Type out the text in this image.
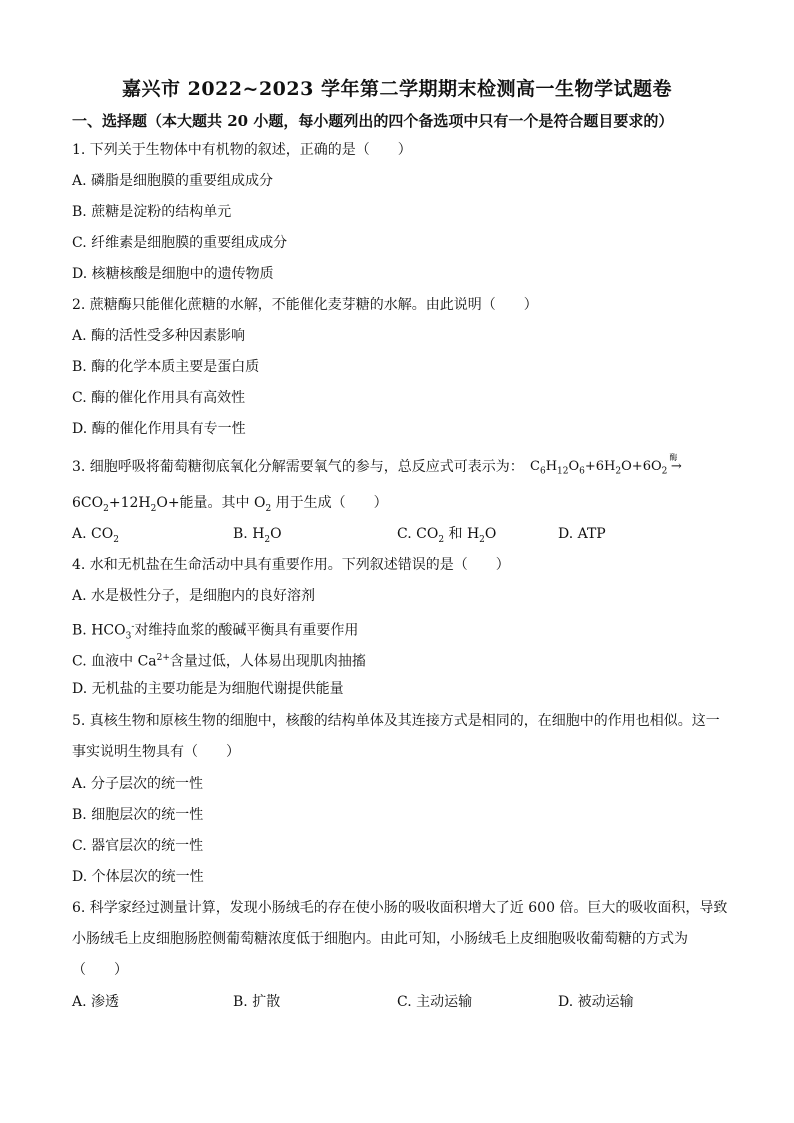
嘉兴市 2022~2023 学年第二学期期末检测高一生物学试题卷
一、选择题（本大题共 20 小题，每小题列出的四个备选项中只有一个是符合题目要求的）
1. 下列关于生物体中有机物的叙述，正确的是（　　）
A. 磷脂是细胞膜的重要组成成分
B. 蔗糖是淀粉的结构单元
C. 纤维素是细胞膜的重要组成成分
D. 核糖核酸是细胞中的遗传物质
2. 蔗糖酶只能催化蔗糖的水解，不能催化麦芽糖的水解。由此说明（　　）
A. 酶的活性受多种因素影响
B. 酶的化学本质主要是蛋白质
C. 酶的催化作用具有高效性
D. 酶的催化作用具有专一性
3. 细胞呼吸将葡萄糖彻底氧化分解需要氧气的参与，总反应式可表示为： $C_6H_{12}O_6+6H_2O+6O_2$
酶
→
$6CO_2+12H_2O+$能量。其中 $O_2$ 用于生成（　　）
A. $CO_2$	B. $H_2O$	C. $CO_2$ 和 $H_2O$	D. ATP
4. 水和无机盐在生命活动中具有重要作用。下列叙述错误的是（　　）
A. 水是极性分子，是细胞内的良好溶剂
B. $HCO_3^-$对维持血浆的酸碱平衡具有重要作用
C. 血液中 $Ca^{2+}$含量过低，人体易出现肌肉抽搐
D. 无机盐的主要功能是为细胞代谢提供能量
5. 真核生物和原核生物的细胞中，核酸的结构单体及其连接方式是相同的，在细胞中的作用也相似。这一
事实说明生物具有（　　）
A. 分子层次的统一性
B. 细胞层次的统一性
C. 器官层次的统一性
D. 个体层次的统一性
6. 科学家经过测量计算，发现小肠绒毛的存在使小肠的吸收面积增大了近 600 倍。巨大的吸收面积，导致
小肠绒毛上皮细胞肠腔侧葡萄糖浓度低于细胞内。由此可知，小肠绒毛上皮细胞吸收葡萄糖的方式为
（　　）
A. 渗透	B. 扩散	C. 主动运输	D. 被动运输
